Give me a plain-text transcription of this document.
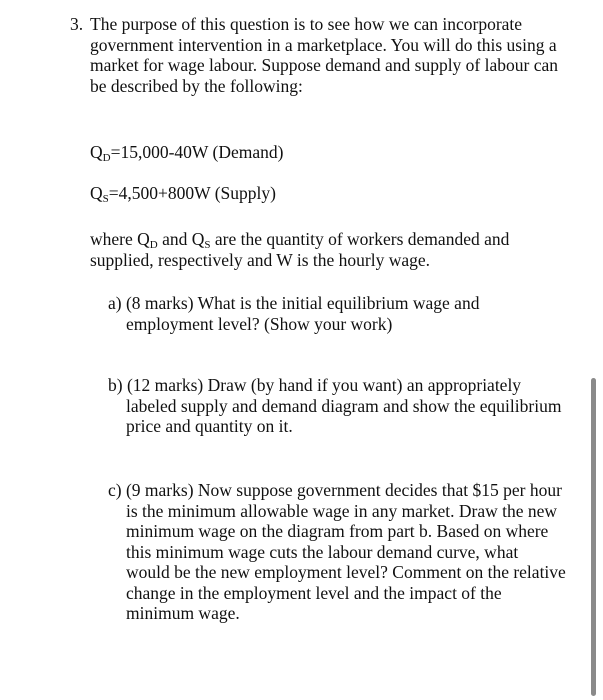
3. The purpose of this question is to see how we can incorporate government intervention in a marketplace. You will do this using a market for wage labour. Suppose demand and supply of labour can be described by the following:

$Q_D=15,000-40W$ (Demand)
$Q_S=4,500+800W$ (Supply)

where $Q_D$ and $Q_S$ are the quantity of workers demanded and supplied, respectively and W is the hourly wage.

a) (8 marks) What is the initial equilibrium wage and employment level? (Show your work)

b) (12 marks) Draw (by hand if you want) an appropriately labeled supply and demand diagram and show the equilibrium price and quantity on it.

c) (9 marks) Now suppose government decides that $15 per hour is the minimum allowable wage in any market. Draw the new minimum wage on the diagram from part b. Based on where this minimum wage cuts the labour demand curve, what would be the new employment level? Comment on the relative change in the employment level and the impact of the minimum wage.
